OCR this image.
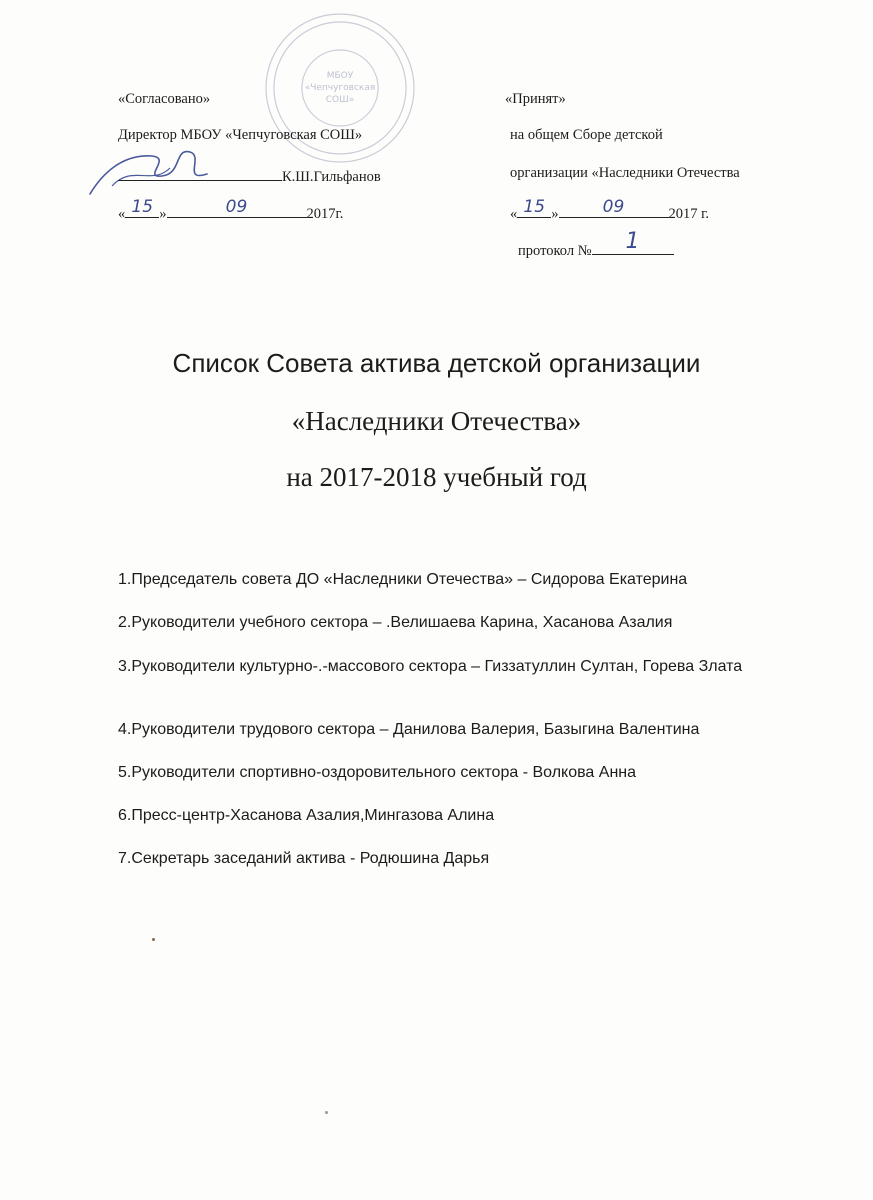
МБОУ
«Чепчуговская
СОШ»
«Согласовано»
Директор МБОУ «Чепчуговская СОШ»
К.Ш.Гильфанов
« 15 »	09	2017г.
«Принят»
на общем Сборе детской
организации «Наследники Отечества
« 15 »	09	2017 г.
протокол №	1
Список Совета актива детской организации
«Наследники Отечества»
на 2017-2018 учебный год
1.Председатель совета ДО «Наследники Отечества» – Сидорова Екатерина
2.Руководители учебного сектора – .Велишаева Карина, Хасанова Азалия
3.Руководители культурно-.-массового сектора – Гиззатуллин Султан, Горева Злата
4.Руководители трудового сектора – Данилова Валерия, Базыгина Валентина
5.Руководители спортивно-оздоровительного сектора - Волкова Анна
6.Пресс-центр-Хасанова Азалия,Мингазова Алина
7.Секретарь заседаний актива - Родюшина Дарья
